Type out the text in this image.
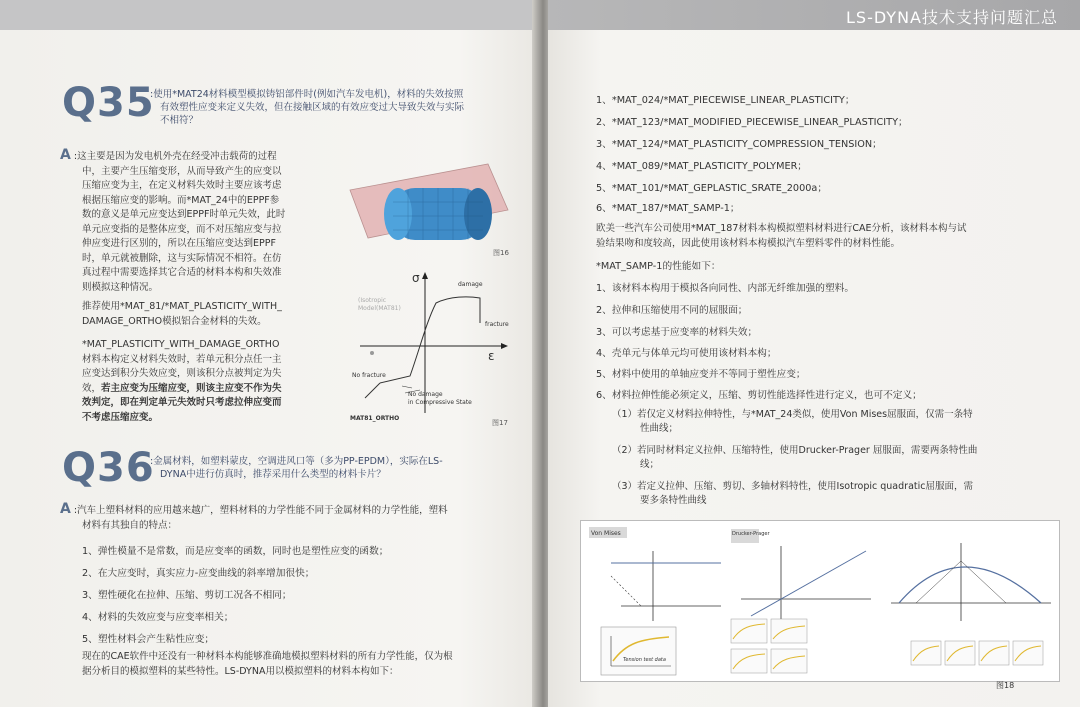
Q35
:使用*MAT24材料模型模拟铸铝部件时(例如汽车发电机)，材料的失效按照
有效塑性应变来定义失效，但在接触区域的有效应变过大导致失效与实际
不相符？
A :这主要是因为发电机外壳在经受冲击载荷的过程
中，主要产生压缩变形，从而导致产生的应变以
压缩应变为主，在定义材料失效时主要应该考虑
根据压缩应变的影响。而*MAT_24中的EPPF参
数的意义是单元应变达到EPPF时单元失效，此时
单元应变指的是整体应变，而不对压缩应变与拉
伸应变进行区别的，所以在压缩应变达到EPPF
时，单元就被删除，这与实际情况不相符。在仿
真过程中需要选择其它合适的材料本构和失效准
则模拟这种情况。
推荐使用*MAT_81/*MAT_PLASTICITY_WITH_
DAMAGE_ORTHO模拟铝合金材料的失效。
*MAT_PLASTICITY_WITH_DAMAGE_ORTHO
材料本构定义材料失效时，若单元积分点任一主
应变达到积分失效应变，则该积分点被判定为失
效，若主应变为压缩应变，则该主应变不作为失
效判定，即在判定单元失效时只考虑拉伸应变而
不考虑压缩应变。
图16
σ
ε
damage
fracture
No fracture
No damage
in Compressive State
(Isotropic
Model(MAT81)
MAT81_ORTHO
图17
Q36
:金属材料，如塑料蒙皮，空调进风口等（多为PP-EPDM），实际在LS-
DYNA中进行仿真时，推荐采用什么类型的材料卡片？
A :汽车上塑料材料的应用越来越广，塑料材料的力学性能不同于金属材料的力学性能，塑料
材料有其独自的特点：
1、弹性模量不是常数，而是应变率的函数，同时也是塑性应变的函数；
2、在大应变时，真实应力-应变曲线的斜率增加很快；
3、塑性硬化在拉伸、压缩、剪切工况各不相同；
4、材料的失效应变与应变率相关；
5、塑性材料会产生粘性应变；
现在的CAE软件中还没有一种材料本构能够准确地模拟塑料材料的所有力学性能，仅为根
据分析目的模拟塑料的某些特性。LS-DYNA用以模拟塑料的材料本构如下：
LS-DYNA技术支持问题汇总
1、*MAT_024/*MAT_PIECEWISE_LINEAR_PLASTICITY；
2、*MAT_123/*MAT_MODIFIED_PIECEWISE_LINEAR_PLASTICITY；
3、*MAT_124/*MAT_PLASTICITY_COMPRESSION_TENSION；
4、*MAT_089/*MAT_PLASTICITY_POLYMER；
5、*MAT_101/*MAT_GEPLASTIC_SRATE_2000a；
6、*MAT_187/*MAT_SAMP-1；
欧美一些汽车公司使用*MAT_187材料本构模拟塑料材料进行CAE分析，该材料本构与试
验结果吻和度较高，因此使用该材料本构模拟汽车塑料零件的材料性能。
*MAT_SAMP-1的性能如下：
1、该材料本构用于模拟各向同性、内部无纤维加强的塑料。
2、拉伸和压缩使用不同的屈服面；
3、可以考虑基于应变率的材料失效；
4、壳单元与体单元均可使用该材料本构；
5、材料中使用的单轴应变并不等同于塑性应变；
6、材料拉伸性能必须定义，压缩、剪切性能选择性进行定义，也可不定义；
（1）若仅定义材料拉伸特性，与*MAT_24类似，使用Von Mises屈服面，仅需一条特
性曲线；
（2）若同时材料定义拉伸、压缩特性，使用Drucker-Prager 屈服面，需要两条特性曲
线；
（3）若定义拉伸、压缩、剪切、多轴材料特性，使用Isotropic quadratic屈服面，需
要多条特性曲线
Von Mises	Drucker-Prager
Tension test data
图18
